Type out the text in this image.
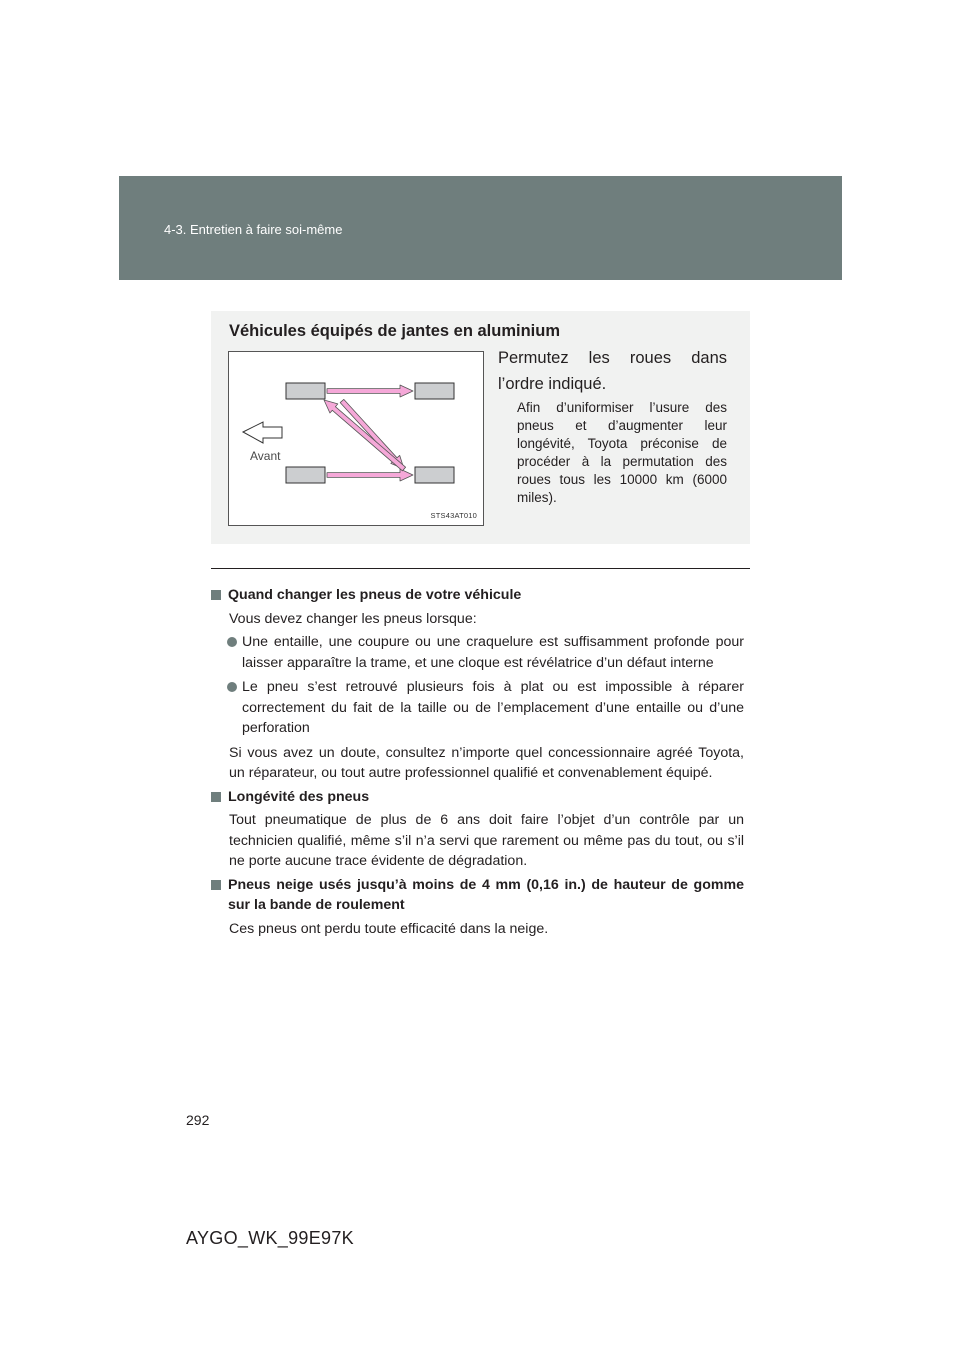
4-3. Entretien à faire soi-même
Véhicules équipés de jantes en aluminium
Avant
STS43AT010
Permutez les roues dans l’ordre indiqué.
Afin d’uniformiser l’usure des pneus et d’augmenter leur longévité, Toyota préconise de procéder à la permutation des roues tous les 10000 km (6000 miles).
Quand changer les pneus de votre véhicule
Vous devez changer les pneus lorsque:
Une entaille, une coupure ou une craquelure est suffisamment profonde pour laisser apparaître la trame, et une cloque est révélatrice d’un défaut interne
Le pneu s’est retrouvé plusieurs fois à plat ou est impossible à réparer correctement du fait de la taille ou de l’emplacement d’une entaille ou d’une perforation
Si vous avez un doute, consultez n’importe quel concessionnaire agréé Toyota, un réparateur, ou tout autre professionnel qualifié et convenablement équipé.
Longévité des pneus
Tout pneumatique de plus de 6 ans doit faire l’objet d’un contrôle par un technicien qualifié, même s’il n’a servi que rarement ou même pas du tout, ou s’il ne porte aucune trace évidente de dégradation.
Pneus neige usés jusqu’à moins de 4 mm (0,16 in.) de hauteur de gomme sur la bande de roulement
Ces pneus ont perdu toute efficacité dans la neige.
292
AYGO_WK_99E97K
